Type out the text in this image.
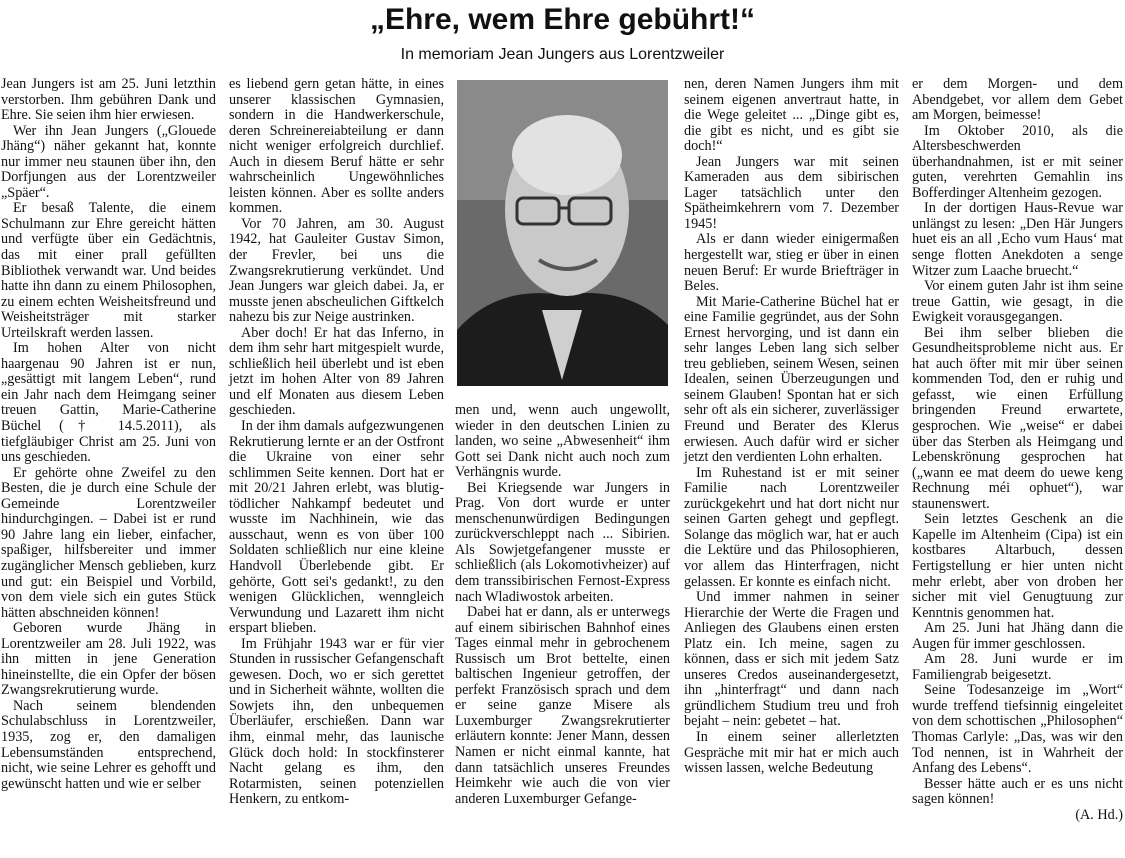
„Ehre, wem Ehre gebührt!“
In memoriam Jean Jungers aus Lorentzweiler

Jean Jungers ist am 25. Juni letzthin verstorben. Ihm gebühren Dank und Ehre. Sie seien ihm hier erwiesen.

Wer ihn Jean Jungers („Glouede Jhäng“) näher gekannt hat, konnte nur immer neu staunen über ihn, den Dorfjungen aus der Lorentzweiler „Späer“.

Er besaß Talente, die einem Schulmann zur Ehre gereicht hätten und verfügte über ein Gedächtnis, das mit einer prall gefüllten Bibliothek verwandt war. Und beides hatte ihn dann zu einem Philosophen, zu einem echten Weisheitsfreund und Weisheitsträger mit starker Urteilskraft werden lassen.

Im hohen Alter von nicht haargenau 90 Jahren ist er nun, „gesättigt mit langem Leben“, rund ein Jahr nach dem Heimgang seiner treuen Gattin, Marie-Catherine Büchel († 14.5.2011), als tiefgläubiger Christ am 25. Juni von uns geschieden.

Er gehörte ohne Zweifel zu den Besten, die je durch eine Schule der Gemeinde Lorentzweiler hindurchgingen. – Dabei ist er rund 90 Jahre lang ein lieber, einfacher, spaßiger, hilfsbereiter und immer zugänglicher Mensch geblieben, kurz und gut: ein Beispiel und Vorbild, von dem viele sich ein gutes Stück hätten abschneiden können!

Geboren wurde Jhäng in Lorentzweiler am 28. Juli 1922, was ihn mitten in jene Generation hineinstellte, die ein Opfer der bösen Zwangsrekrutierung wurde.

Nach seinem blendenden Schulabschluss in Lorentzweiler, 1935, zog er, den damaligen Lebensumständen entsprechend, nicht, wie seine Lehrer es gehofft und gewünscht hatten und wie er selber

es liebend gern getan hätte, in eines unserer klassischen Gymnasien, sondern in die Handwerkerschule, deren Schreinereiabteilung er dann nicht weniger erfolgreich durchlief. Auch in diesem Beruf hätte er sehr wahrscheinlich Ungewöhnliches leisten können. Aber es sollte anders kommen.

Vor 70 Jahren, am 30. August 1942, hat Gauleiter Gustav Simon, der Frevler, bei uns die Zwangsrekrutierung verkündet. Und Jean Jungers war gleich dabei. Ja, er musste jenen abscheulichen Giftkelch nahezu bis zur Neige austrinken.

Aber doch! Er hat das Inferno, in dem ihm sehr hart mitgespielt wurde, schließlich heil überlebt und ist eben jetzt im hohen Alter von 89 Jahren und elf Monaten aus diesem Leben geschieden.

In der ihm damals aufgezwungenen Rekrutierung lernte er an der Ostfront die Ukraine von einer sehr schlimmen Seite kennen. Dort hat er mit 20/21 Jahren erlebt, was blutig-tödlicher Nahkampf bedeutet und wusste im Nachhinein, wie das ausschaut, wenn es von über 100 Soldaten schließlich nur eine kleine Handvoll Überlebende gibt. Er gehörte, Gott sei's gedankt!, zu den wenigen Glücklichen, wenngleich Verwundung und Lazarett ihm nicht erspart blieben.

Im Frühjahr 1943 war er für vier Stunden in russischer Gefangenschaft gewesen. Doch, wo er sich gerettet und in Sicherheit wähnte, wollten die Sowjets ihn, den unbequemen Überläufer, erschießen. Dann war ihm, einmal mehr, das launische Glück doch hold: In stockfinsterer Nacht gelang es ihm, den Rotarmisten, seinen potenziellen Henkern, zu entkom-

men und, wenn auch ungewollt, wieder in den deutschen Linien zu landen, wo seine „Abwesenheit“ ihm Gott sei Dank nicht auch noch zum Verhängnis wurde.

Bei Kriegsende war Jungers in Prag. Von dort wurde er unter menschenunwürdigen Bedingungen zurückverschleppt nach ... Sibirien. Als Sowjetgefangener musste er schließlich (als Lokomotivheizer) auf dem transsibirischen Fernost-Express nach Wladiwostok arbeiten.

Dabei hat er dann, als er unterwegs auf einem sibirischen Bahnhof eines Tages einmal mehr in gebrochenem Russisch um Brot bettelte, einen baltischen Ingenieur getroffen, der perfekt Französisch sprach und dem er seine ganze Misere als Luxemburger Zwangsrekrutierter erläutern konnte: Jener Mann, dessen Namen er nicht einmal kannte, hat dann tatsächlich unseres Freundes Heimkehr wie auch die von vier anderen Luxemburger Gefange-

nen, deren Namen Jungers ihm mit seinem eigenen anvertraut hatte, in die Wege geleitet ... „Dinge gibt es, die gibt es nicht, und es gibt sie doch!“

Jean Jungers war mit seinen Kameraden aus dem sibirischen Lager tatsächlich unter den Spätheimkehrern vom 7. Dezember 1945!

Als er dann wieder einigermaßen hergestellt war, stieg er über in einen neuen Beruf: Er wurde Briefträger in Beles.

Mit Marie-Catherine Büchel hat er eine Familie gegründet, aus der Sohn Ernest hervorging, und ist dann ein sehr langes Leben lang sich selber treu geblieben, seinem Wesen, seinen Idealen, seinen Überzeugungen und seinem Glauben! Spontan hat er sich sehr oft als ein sicherer, zuverlässiger Freund und Berater des Klerus erwiesen. Auch dafür wird er sicher jetzt den verdienten Lohn erhalten.

Im Ruhestand ist er mit seiner Familie nach Lorentzweiler zurückgekehrt und hat dort nicht nur seinen Garten gehegt und gepflegt. Solange das möglich war, hat er auch die Lektüre und das Philosophieren, vor allem das Hinterfragen, nicht gelassen. Er konnte es einfach nicht.

Und immer nahmen in seiner Hierarchie der Werte die Fragen und Anliegen des Glaubens einen ersten Platz ein. Ich meine, sagen zu können, dass er sich mit jedem Satz unseres Credos auseinandergesetzt, ihn „hinterfragt“ und dann nach gründlichem Studium treu und froh bejaht – nein: gebetet – hat.

In einem seiner allerletzten Gespräche mit mir hat er mich auch wissen lassen, welche Bedeutung

er dem Morgen- und dem Abendgebet, vor allem dem Gebet am Morgen, beimesse!

Im Oktober 2010, als die Altersbeschwerden überhandnahmen, ist er mit seiner guten, verehrten Gemahlin ins Bofferdinger Altenheim gezogen.

In der dortigen Haus-Revue war unlängst zu lesen: „Den Här Jungers huet eis an all ‚Echo vum Haus‘ mat senge flotten Anekdoten a senge Witzer zum Laache bruecht.“

Vor einem guten Jahr ist ihm seine treue Gattin, wie gesagt, in die Ewigkeit vorausgegangen.

Bei ihm selber blieben die Gesundheitsprobleme nicht aus. Er hat auch öfter mit mir über seinen kommenden Tod, den er ruhig und gefasst, wie einen Erfüllung bringenden Freund erwartete, gesprochen. Wie „weise“ er dabei über das Sterben als Heimgang und Lebenskrönung gesprochen hat („wann ee mat deem do uewe keng Rechnung méi ophuet“), war staunenswert.

Sein letztes Geschenk an die Kapelle im Altenheim (Cipa) ist ein kostbares Altarbuch, dessen Fertigstellung er hier unten nicht mehr erlebt, aber von droben her sicher mit viel Genugtuung zur Kenntnis genommen hat.

Am 25. Juni hat Jhäng dann die Augen für immer geschlossen.

Am 28. Juni wurde er im Familiengrab beigesetzt.

Seine Todesanzeige im „Wort“ wurde treffend tiefsinnig eingeleitet von dem schottischen „Philosophen“ Thomas Carlyle: „Das, was wir den Tod nennen, ist in Wahrheit der Anfang des Lebens“.

Besser hätte auch er es uns nicht sagen können!

(A. Hd.)
